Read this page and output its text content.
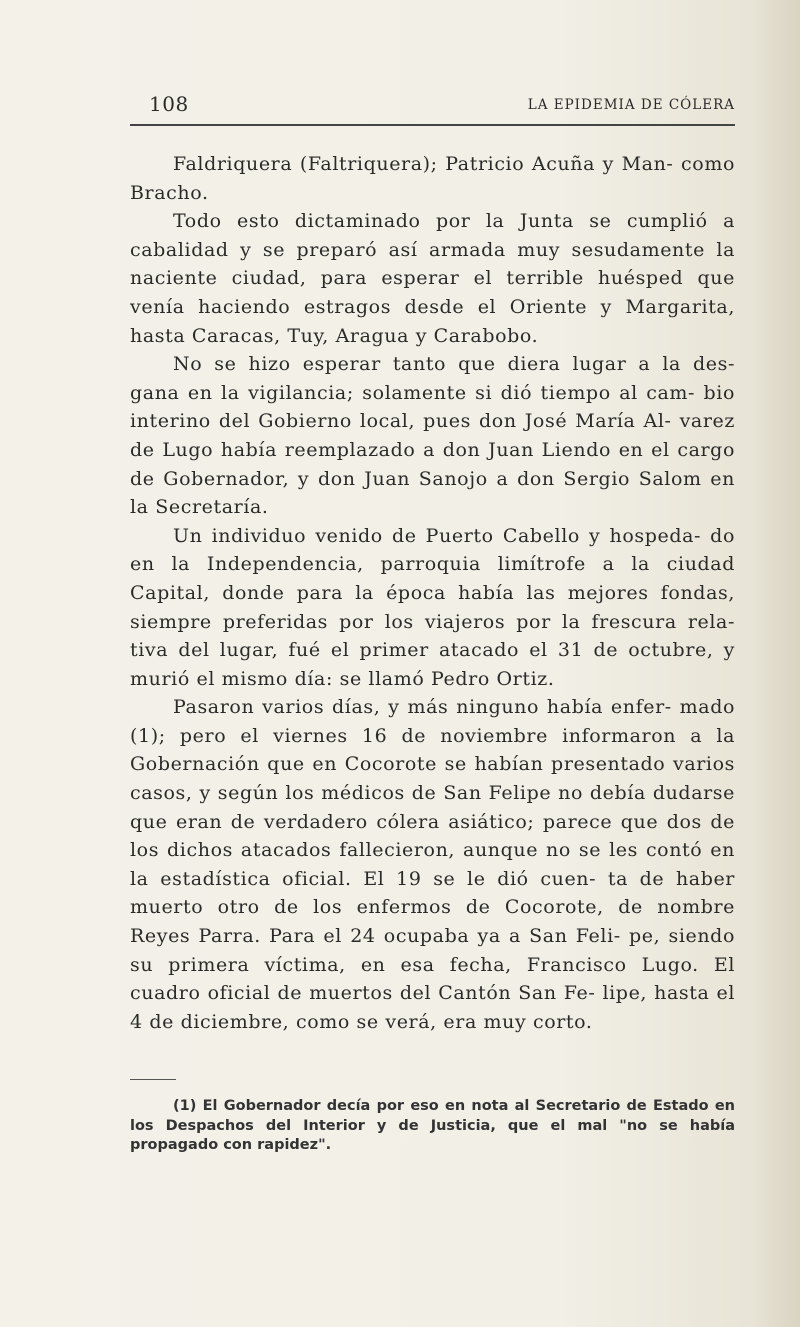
108	LA EPIDEMIA DE CÓLERA

Faldriquera (Faltriquera); Patricio Acuña y Man- como Bracho.

Todo esto dictaminado por la Junta se cumplió a cabalidad y se preparó así armada muy sesudamente la naciente ciudad, para esperar el terrible huésped que venía haciendo estragos desde el Oriente y Margarita, hasta Caracas, Tuy, Aragua y Carabobo.

No se hizo esperar tanto que diera lugar a la des- gana en la vigilancia; solamente si dió tiempo al cam- bio interino del Gobierno local, pues don José María Al- varez de Lugo había reemplazado a don Juan Liendo en el cargo de Gobernador, y don Juan Sanojo a don Sergio Salom en la Secretaría.

Un individuo venido de Puerto Cabello y hospeda- do en la Independencia, parroquia limítrofe a la ciudad Capital, donde para la época había las mejores fondas, siempre preferidas por los viajeros por la frescura rela- tiva del lugar, fué el primer atacado el 31 de octubre, y murió el mismo día: se llamó Pedro Ortiz.

Pasaron varios días, y más ninguno había enfer- mado (1); pero el viernes 16 de noviembre informaron a la Gobernación que en Cocorote se habían presentado varios casos, y según los médicos de San Felipe no debía dudarse que eran de verdadero cólera asiático; parece que dos de los dichos atacados fallecieron, aunque no se les contó en la estadística oficial. El 19 se le dió cuen- ta de haber muerto otro de los enfermos de Cocorote, de nombre Reyes Parra. Para el 24 ocupaba ya a San Feli- pe, siendo su primera víctima, en esa fecha, Francisco Lugo. El cuadro oficial de muertos del Cantón San Fe- lipe, hasta el 4 de diciembre, como se verá, era muy corto.

(1) El Gobernador decía por eso en nota al Secretario de Estado en los Despachos del Interior y de Justicia, que el mal "no se había propagado con rapidez".
